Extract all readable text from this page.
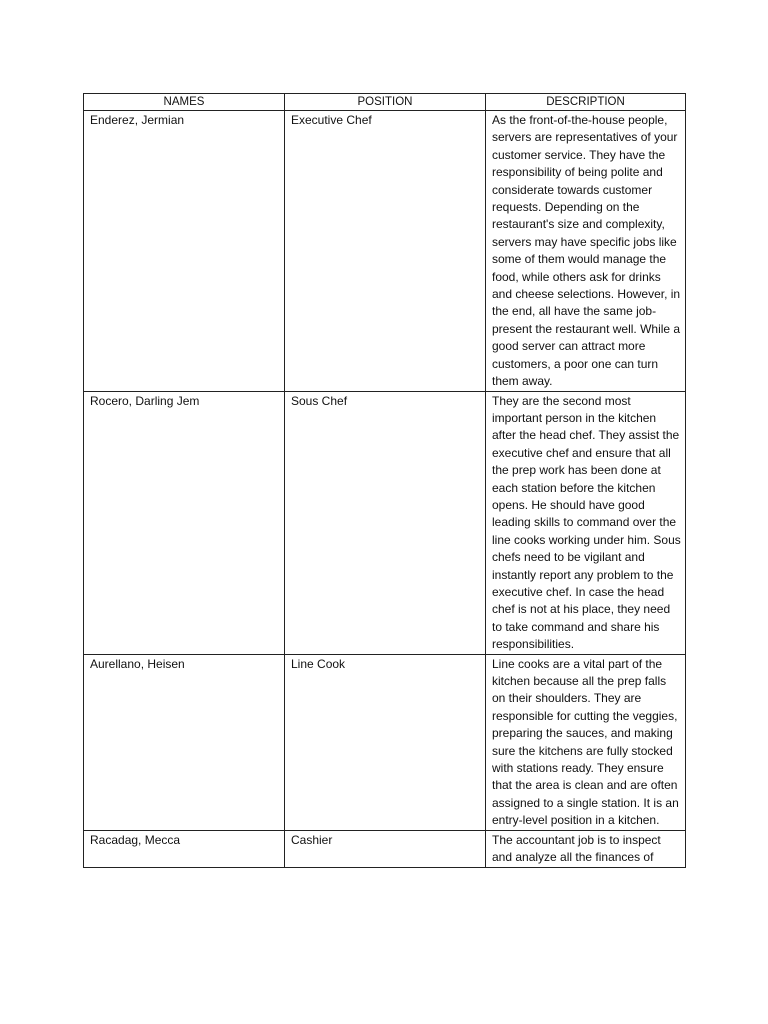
NAMES	POSITION	DESCRIPTION
Enderez, Jermian	Executive Chef	As the front-of-the-house people, servers are representatives of your customer service. They have the responsibility of being polite and considerate towards customer requests. Depending on the restaurant's size and complexity, servers may have specific jobs like some of them would manage the food, while others ask for drinks and cheese selections. However, in the end, all have the same job- present the restaurant well. While a good server can attract more customers, a poor one can turn them away.
Rocero, Darling Jem	Sous Chef	They are the second most important person in the kitchen after the head chef. They assist the executive chef and ensure that all the prep work has been done at each station before the kitchen opens. He should have good leading skills to command over the line cooks working under him. Sous chefs need to be vigilant and instantly report any problem to the executive chef. In case the head chef is not at his place, they need to take command and share his responsibilities.
Aurellano, Heisen	Line Cook	Line cooks are a vital part of the kitchen because all the prep falls on their shoulders. They are responsible for cutting the veggies, preparing the sauces, and making sure the kitchens are fully stocked with stations ready. They ensure that the area is clean and are often assigned to a single station. It is an entry-level position in a kitchen.
Racadag, Mecca	Cashier	The accountant job is to inspect and analyze all the finances of
